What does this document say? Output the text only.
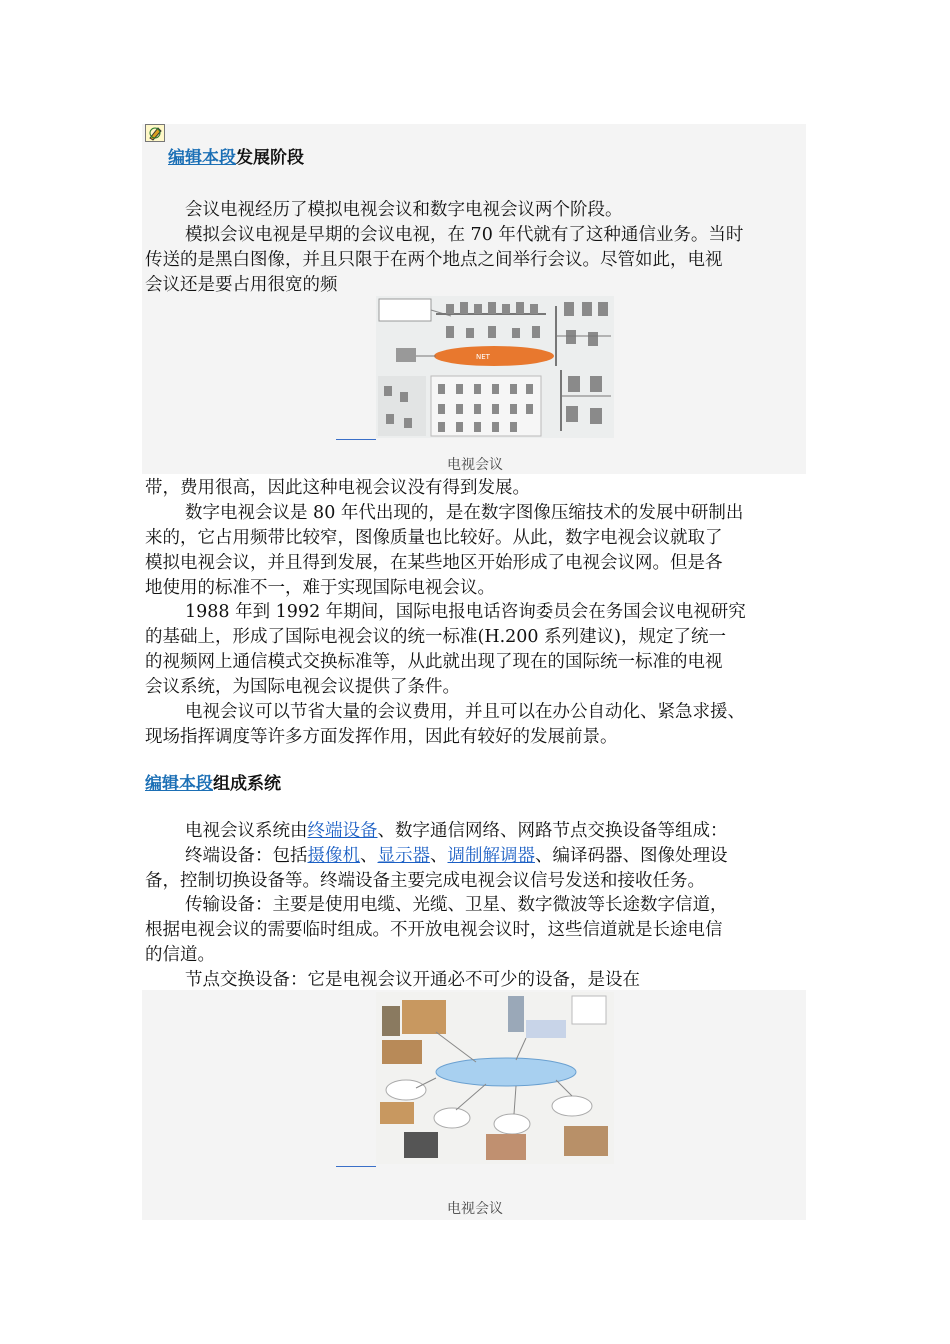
编辑本段发展阶段
会议电视经历了模拟电视会议和数字电视会议两个阶段。
模拟会议电视是早期的会议电视，在 70 年代就有了这种通信业务。当时
传送的是黑白图像，并且只限于在两个地点之间举行会议。尽管如此，电视
会议还是要占用很宽的频
NET
电视会议
带，费用很高，因此这种电视会议没有得到发展。
数字电视会议是 80 年代出现的，是在数字图像压缩技术的发展中研制出
来的，它占用频带比较窄，图像质量也比较好。从此，数字电视会议就取了
模拟电视会议，并且得到发展，在某些地区开始形成了电视会议网。但是各
地使用的标准不一，难于实现国际电视会议。
1988 年到 1992 年期间，国际电报电话咨询委员会在务国会议电视研究
的基础上，形成了国际电视会议的统一标准(H.200 系列建议)，规定了统一
的视频网上通信模式交换标准等，从此就出现了现在的国际统一标准的电视
会议系统，为国际电视会议提供了条件。
电视会议可以节省大量的会议费用，并且可以在办公自动化、紧急求援、
现场指挥调度等许多方面发挥作用，因此有较好的发展前景。
编辑本段组成系统
电视会议系统由终端设备、数字通信网络、网路节点交换设备等组成：
终端设备：包括摄像机、显示器、调制解调器、编译码器、图像处理设
备，控制切换设备等。终端设备主要完成电视会议信号发送和接收任务。
传输设备：主要是使用电缆、光缆、卫星、数字微波等长途数字信道，
根据电视会议的需要临时组成。不开放电视会议时，这些信道就是长途电信
的信道。
节点交换设备：它是电视会议开通必不可少的设备，是设在
电视会议
